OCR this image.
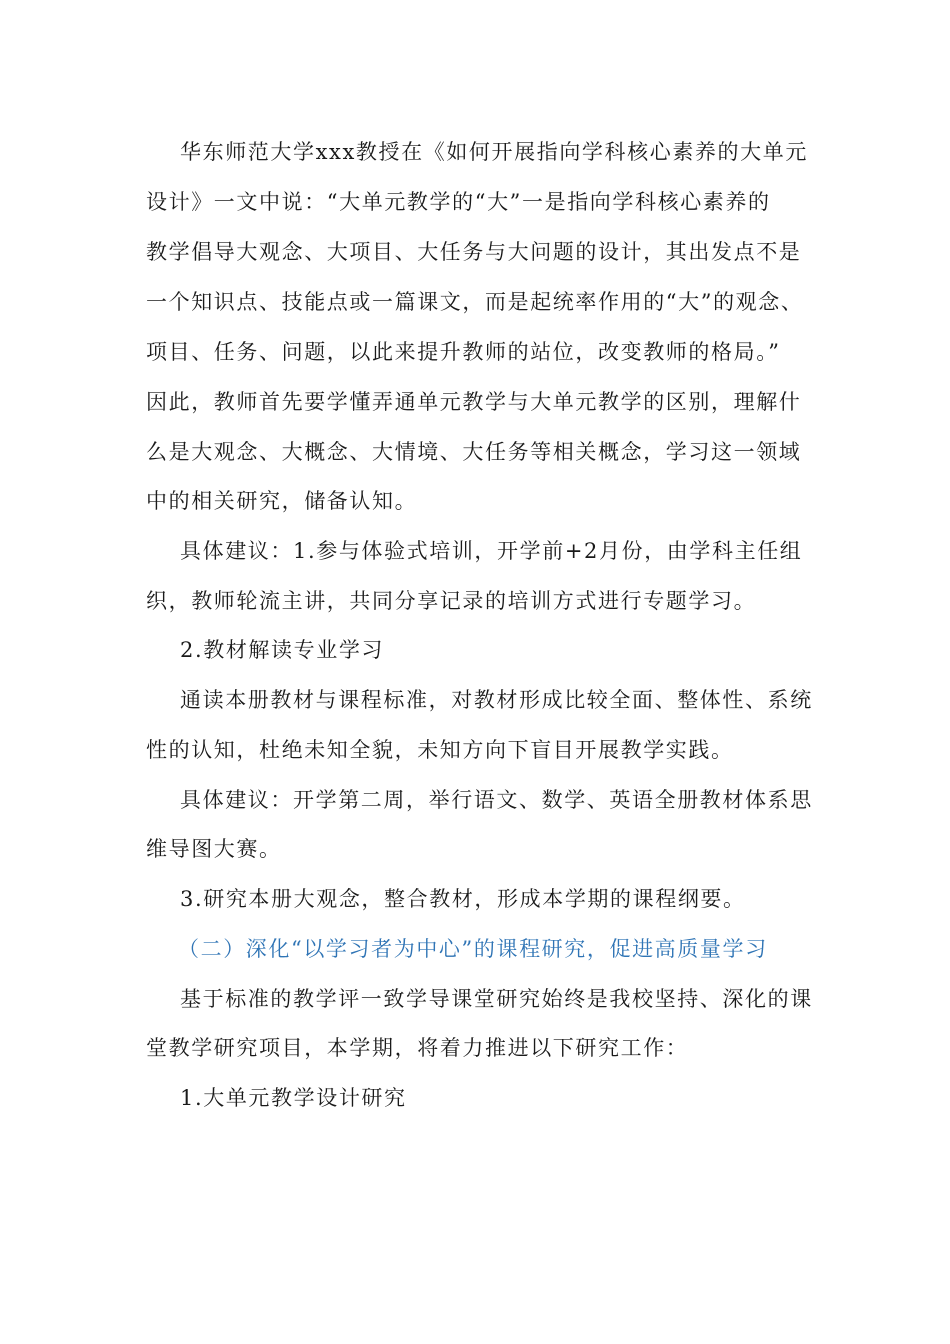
华东师范大学xxx教授在《如何开展指向学科核心素养的大单元
设计》一文中说：“大单元教学的“大”一是指向学科核心素养的
教学倡导大观念、大项目、大任务与大问题的设计，其出发点不是
一个知识点、技能点或一篇课文，而是起统率作用的“大”的观念、
项目、任务、问题，以此来提升教师的站位，改变教师的格局。”
因此，教师首先要学懂弄通单元教学与大单元教学的区别，理解什
么是大观念、大概念、大情境、大任务等相关概念，学习这一领域
中的相关研究，储备认知。
具体建议：1.参与体验式培训，开学前+2月份，由学科主任组
织，教师轮流主讲，共同分享记录的培训方式进行专题学习。
2.教材解读专业学习
通读本册教材与课程标准，对教材形成比较全面、整体性、系统
性的认知，杜绝未知全貌，未知方向下盲目开展教学实践。
具体建议：开学第二周，举行语文、数学、英语全册教材体系思
维导图大赛。
3.研究本册大观念，整合教材，形成本学期的课程纲要。
（二）深化“以学习者为中心”的课程研究，促进高质量学习
基于标准的教学评一致学导课堂研究始终是我校坚持、深化的课
堂教学研究项目，本学期，将着力推进以下研究工作：
1.大单元教学设计研究
